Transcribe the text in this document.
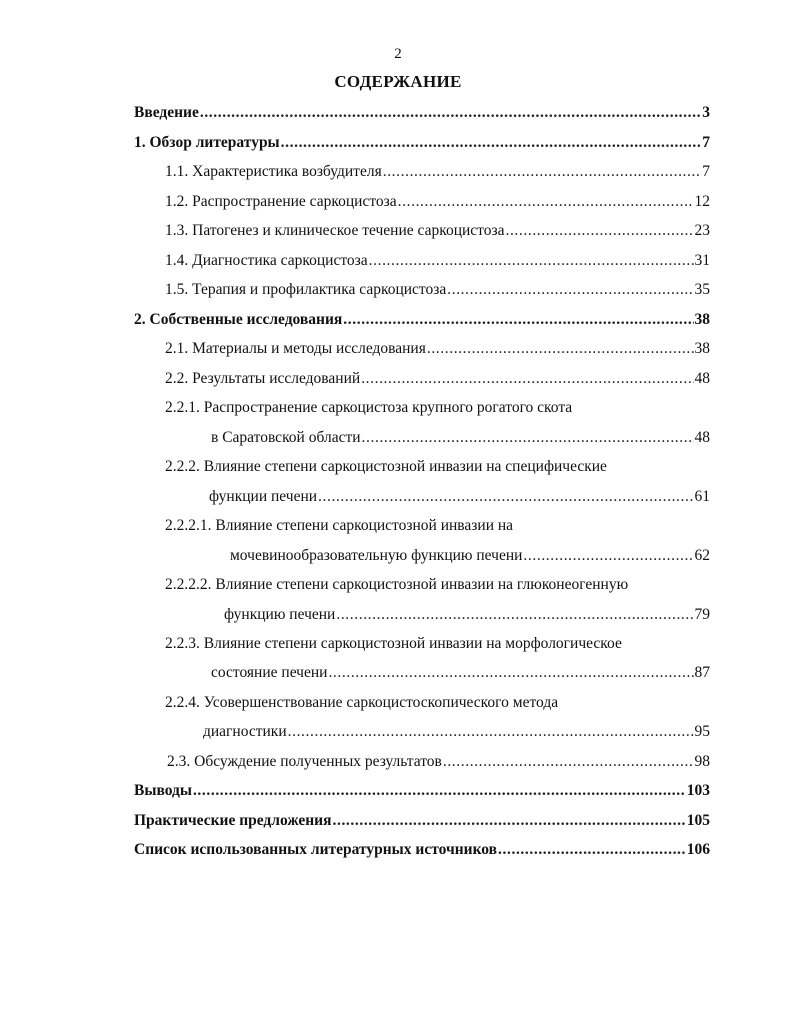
2
СОДЕРЖАНИЕ
Введение .....	3
1. Обзор литературы .....	7
1.1. Характеристика возбудителя .....	7
1.2. Распространение саркоцистоза .....	12
1.3. Патогенез и клиническое течение саркоцистоза .....	23
1.4. Диагностика саркоцистоза .....	31
1.5. Терапия и профилактика саркоцистоза .....	35
2. Собственные исследования .....	38
2.1. Материалы и методы исследования .....	38
2.2. Результаты исследований .....	48
2.2.1. Распространение саркоцистоза крупного рогатого скота
в Саратовской области .....	48
2.2.2. Влияние степени саркоцистозной инвазии на специфические
функции печени .....	61
2.2.2.1. Влияние степени саркоцистозной инвазии на
мочевинообразовательную функцию печени .....	62
2.2.2.2. Влияние степени саркоцистозной инвазии на глюконеогенную
функцию печени .....	79
2.2.3. Влияние степени саркоцистозной инвазии на морфологическое
состояние печени .....	87
2.2.4. Усовершенствование саркоцистоскопического метода
диагностики .....	95
2.3. Обсуждение полученных результатов .....	98
Выводы .....	103
Практические предложения .....	105
Список использованных литературных источников .....	106
